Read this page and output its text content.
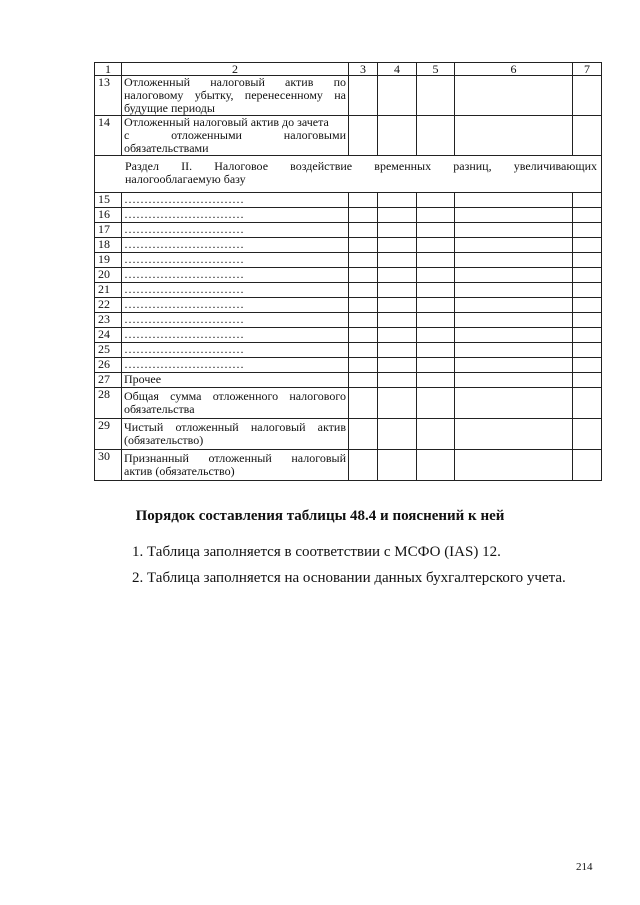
1	2	3	4	5	6	7
13	Отложенный налоговый актив по
налоговому убытку, перенесенному на
будущие периоды					
14	Отложенный налоговый актив до зачета

с отложенными налоговыми
обязательствами					

Раздел II. Налоговое воздействие временных разниц, увеличивающих
налогооблагаемую базу						
15	…………………………					
16	…………………………					
17	…………………………					
18	…………………………					
19	…………………………					
20	…………………………					
21	…………………………					
22	…………………………					
23	…………………………					
24	…………………………					
25	…………………………					
26	…………………………					
27	Прочее					
28	Общая сумма отложенного налогового
обязательства					
29	Чистый отложенный налоговый актив
(обязательство)					
30	Признанный отложенный налоговый
актив (обязательство)					
Порядок составления таблицы 48.4 и пояснений к ней
1. Таблица заполняется в соответствии с МСФО (IAS) 12.
2. Таблица заполняется на основании данных бухгалтерского учета.
214
